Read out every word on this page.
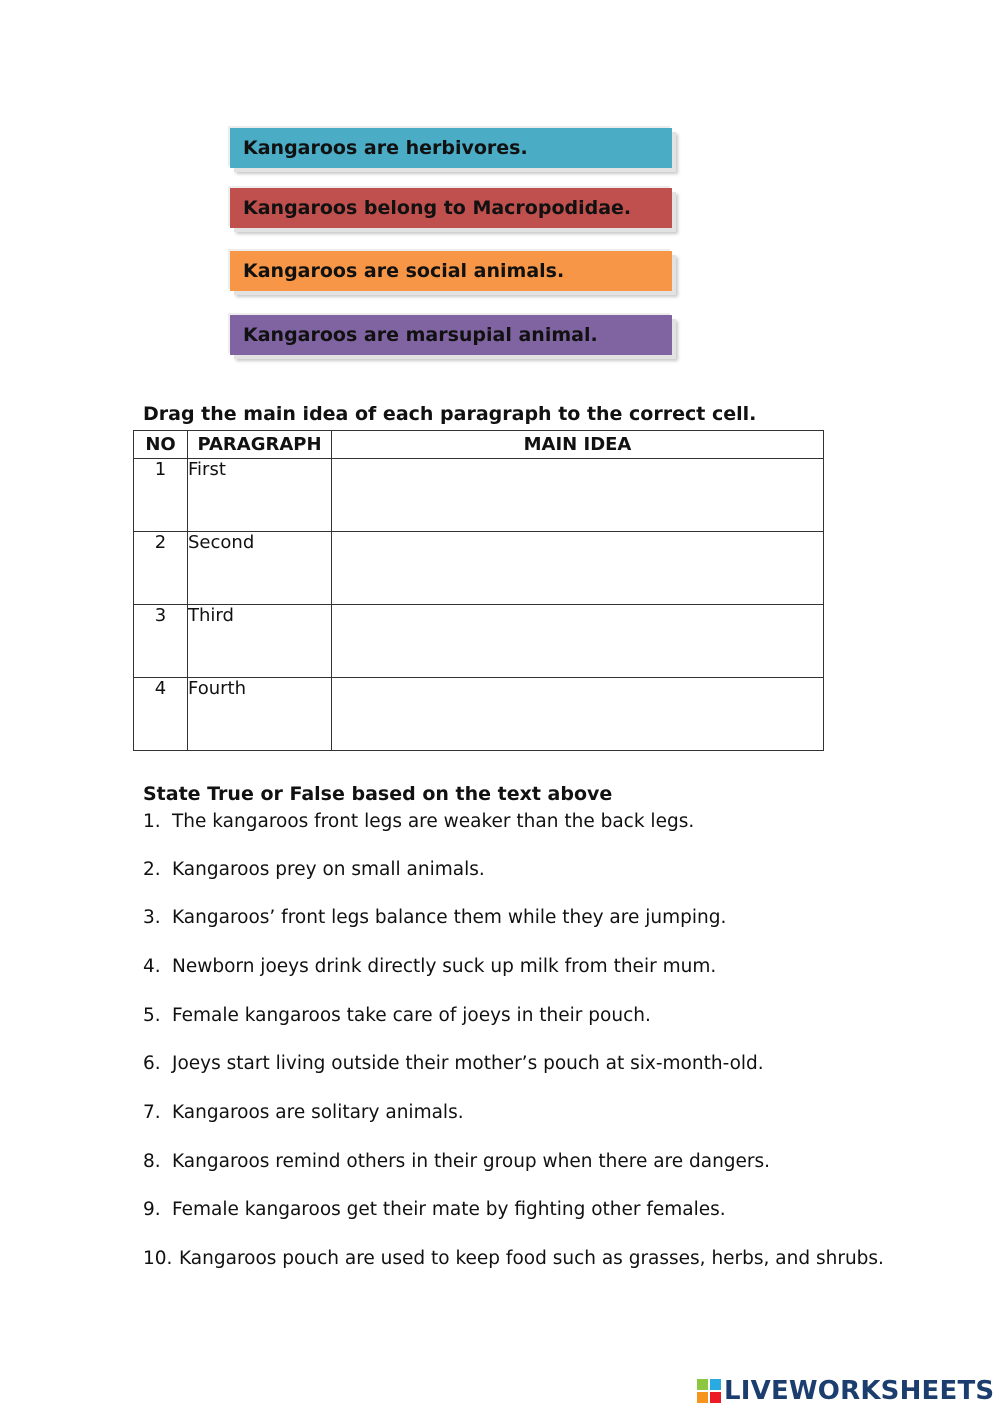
Kangaroos are herbivores.
Kangaroos belong to Macropodidae.
Kangaroos are social animals.
Kangaroos are marsupial animal.
Drag the main idea of each paragraph to the correct cell.
NO	PARAGRAPH	MAIN IDEA
1	First	
2	Second	
3	Third	
4	Fourth	
State True or False based on the text above
1. The kangaroos front legs are weaker than the back legs.
2. Kangaroos prey on small animals.
3. Kangaroos’ front legs balance them while they are jumping.
4. Newborn joeys drink directly suck up milk from their mum.
5. Female kangaroos take care of joeys in their pouch.
6. Joeys start living outside their mother’s pouch at six-month-old.
7. Kangaroos are solitary animals.
8. Kangaroos remind others in their group when there are dangers.
9. Female kangaroos get their mate by fighting other females.
10. Kangaroos pouch are used to keep food such as grasses, herbs, and shrubs.
LIVEWORKSHEETS
